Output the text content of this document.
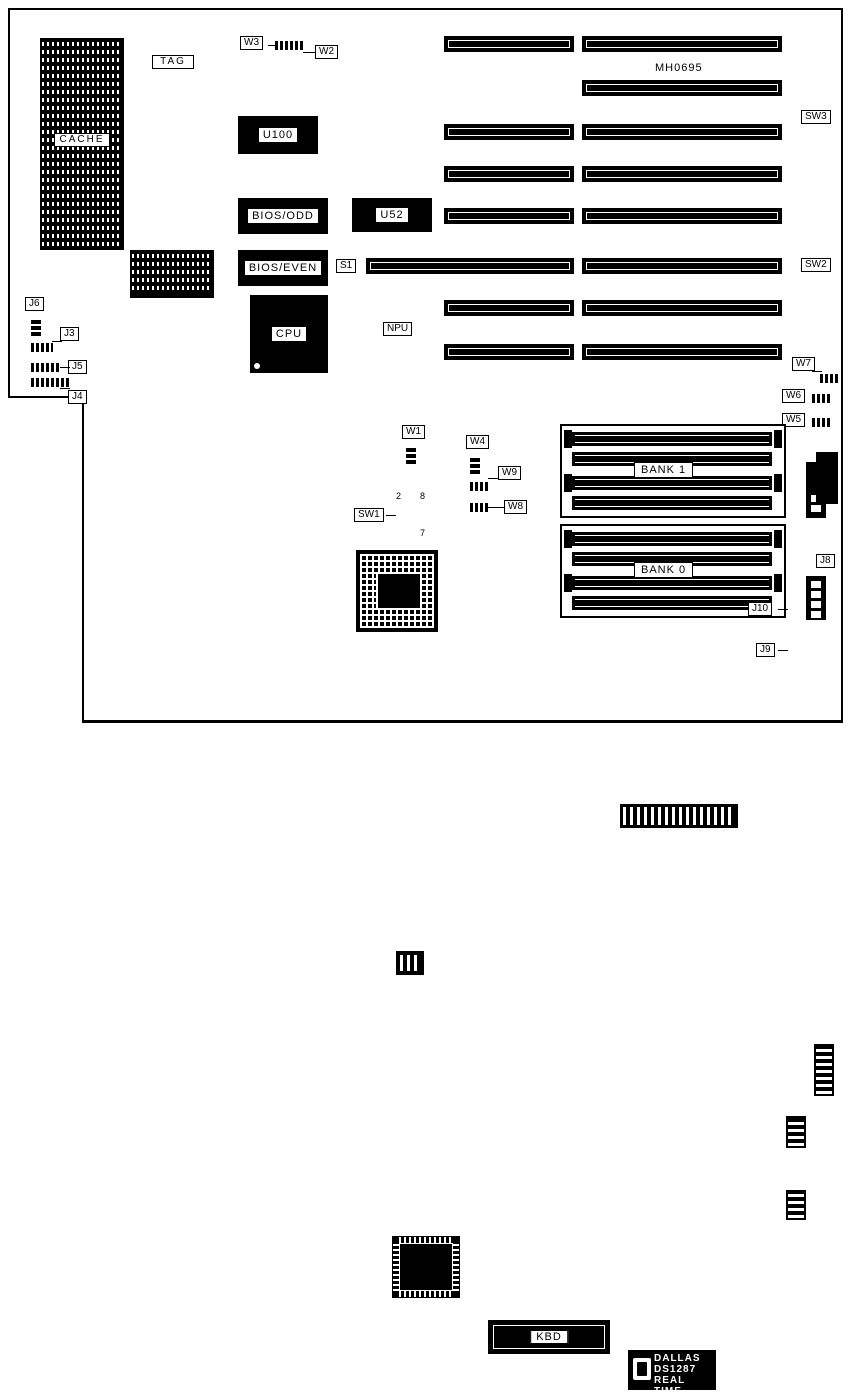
CACHE
TAG
W3
W2
U100
BIOS/ODD
BIOS/EVEN
U52
CPU	NPU
MH0695
S1
SW3
SW2
J6
J3
J5
J4
W7
W6
W5
W1
W4
W9
W8
SW1
2 8
7
BANK 1
BANK 0
J8
J10
J9
KBD
DALLAS
DS1287
REAL TIME
